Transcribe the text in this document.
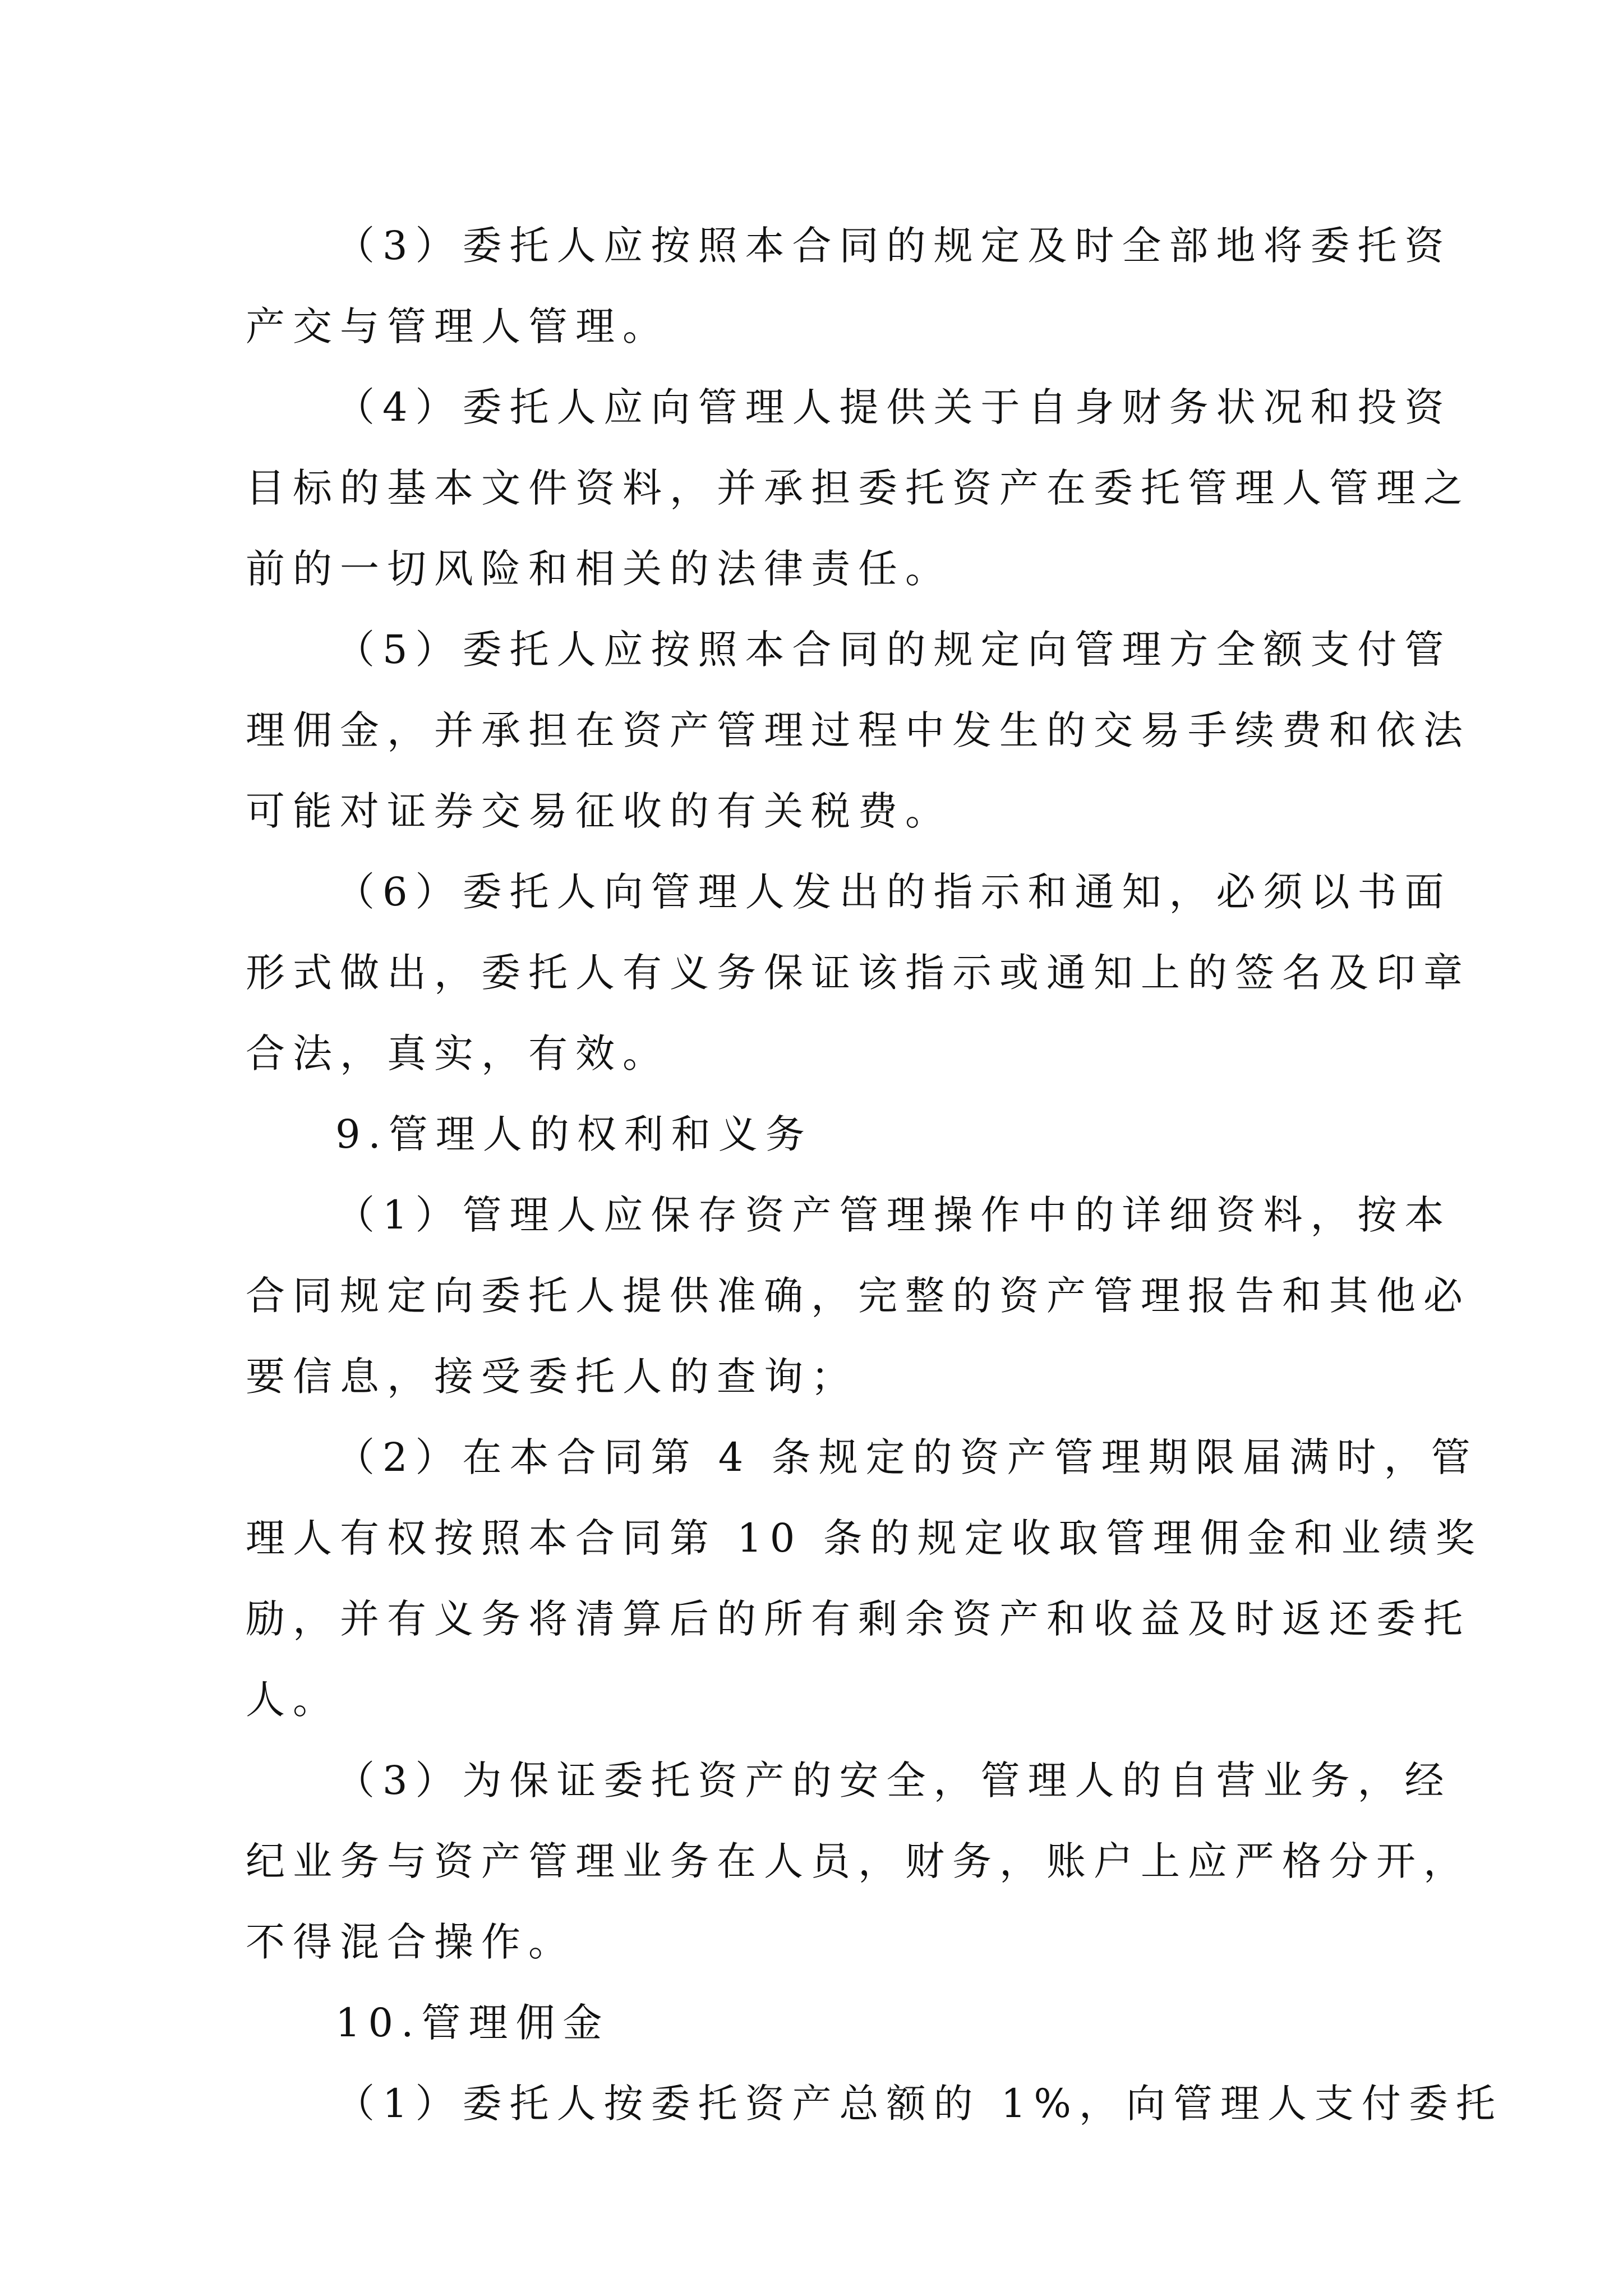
（3）委托人应按照本合同的规定及时全部地将委托资
产交与管理人管理。
（4）委托人应向管理人提供关于自身财务状况和投资
目标的基本文件资料，并承担委托资产在委托管理人管理之
前的一切风险和相关的法律责任。
（5）委托人应按照本合同的规定向管理方全额支付管
理佣金，并承担在资产管理过程中发生的交易手续费和依法
可能对证券交易征收的有关税费。
（6）委托人向管理人发出的指示和通知，必须以书面
形式做出，委托人有义务保证该指示或通知上的签名及印章
合法，真实，有效。
9.管理人的权利和义务
（1）管理人应保存资产管理操作中的详细资料，按本
合同规定向委托人提供准确，完整的资产管理报告和其他必
要信息，接受委托人的查询；
（2）在本合同第 4 条规定的资产管理期限届满时，管
理人有权按照本合同第 10 条的规定收取管理佣金和业绩奖
励，并有义务将清算后的所有剩余资产和收益及时返还委托
人。
（3）为保证委托资产的安全，管理人的自营业务，经
纪业务与资产管理业务在人员，财务，账户上应严格分开，
不得混合操作。
10.管理佣金
（1）委托人按委托资产总额的 1%，向管理人支付委托
